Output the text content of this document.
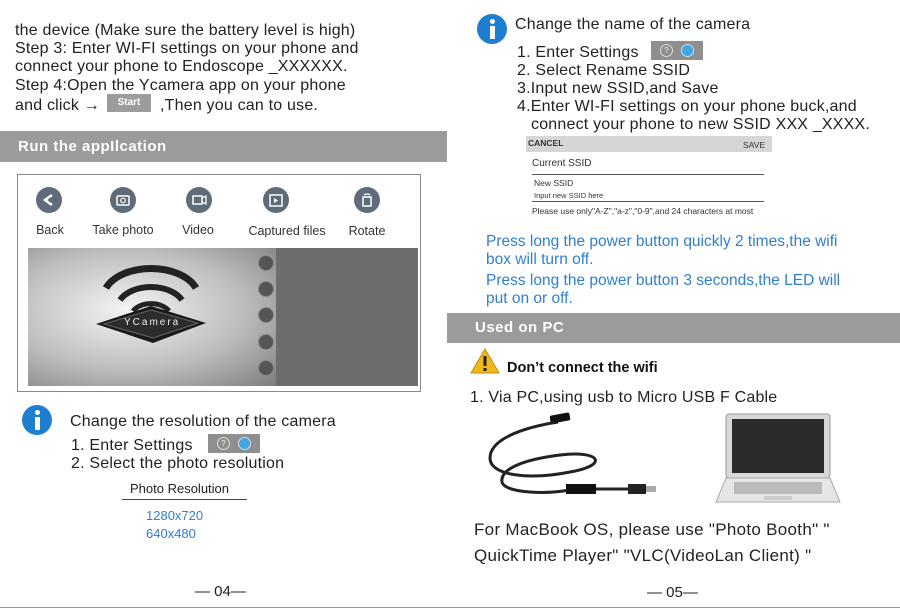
the device (Make sure the battery level is high)
Step 3: Enter WI-FI settings on your phone and
connect your phone to Endoscope _XXXXXX.
Step 4:Open the Ycamera app on your phone
and click →	Start	,Then you can to use.
Run the appIlcation
Back	Take photo	Video	Captured files	Rotate
YCamera
Change the resolution of the camera
1. Enter Settings	?
2. Select the photo resolution
Photo Resolution
1280x720
640x480
— 04—
Change the name of the camera
1. Enter Settings	?
2. Select Rename SSID
3.Input new SSID,and Save
4.Enter WI-FI settings on your phone buck,and
connect your phone to new SSID XXX _XXXX.
CANCEL	SAVE
Current SSID
New SSID
Input new SSID here
Please use only"A-Z","a-z","0-9",and 24 characters at most
Press long the power button quickly 2 times,the wifi
box will turn off.
Press long the power button 3 seconds,the LED will
put on or off.
Used on PC
Don’t connect the wifi
1. Via PC,using usb to Micro USB F Cable
For MacBook OS, please use "Photo Booth" "
QuickTime Player" "VLC(VideoLan Client) "
— 05—
